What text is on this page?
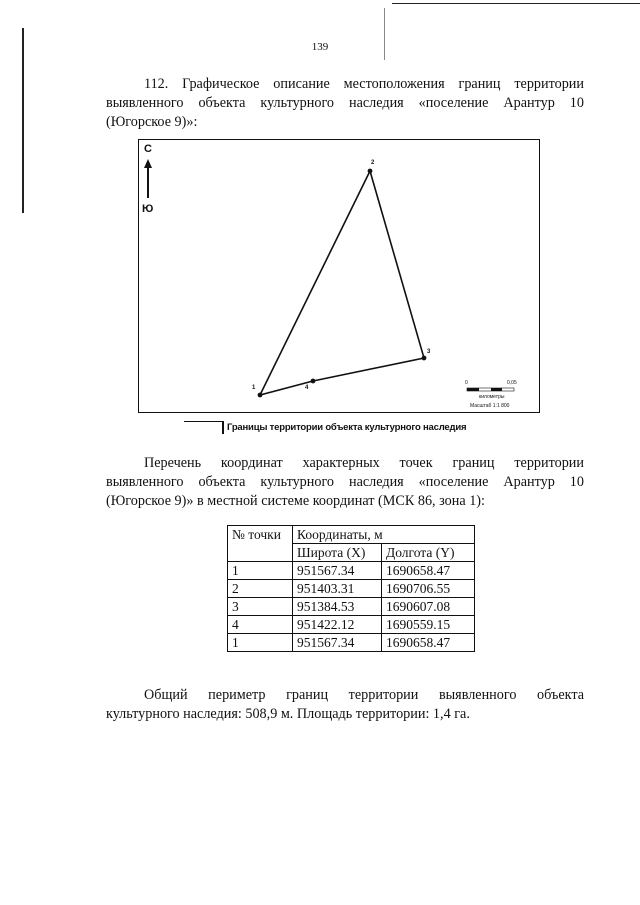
139
112. Графическое описание местоположения границ территории
выявленного объекта культурного наследия «поселение Арантур 10
(Югорское 9)»:
С
Ю
1
2
3
4
0	0,05
километры
Масштаб 1:1 800
Границы территории объекта культурного наследия
Перечень координат характерных точек границ территории
выявленного объекта культурного наследия «поселение Арантур 10
(Югорское 9)» в местной системе координат (МСК 86, зона 1):
№ точки	Координаты, м	
	Широта (X)	Долгота (Y)
1	951567.34	1690658.47
2	951403.31	1690706.55
3	951384.53	1690607.08
4	951422.12	1690559.15
1	951567.34	1690658.47
Общий периметр границ территории выявленного объекта
культурного наследия: 508,9 м. Площадь территории: 1,4 га.
